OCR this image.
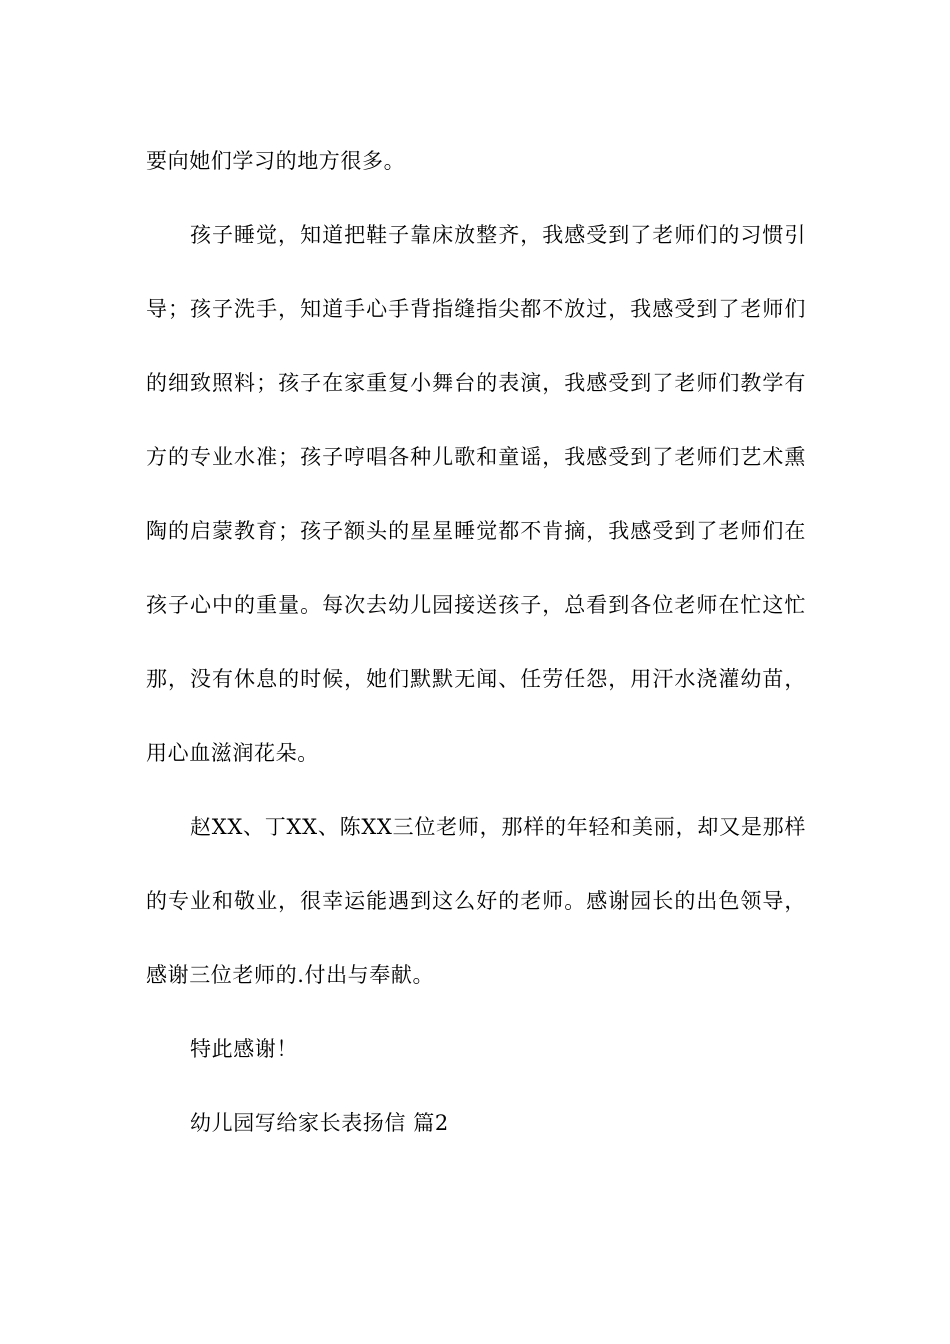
要向她们学习的地方很多。

孩子睡觉，知道把鞋子靠床放整齐，我感受到了老师们的习惯引导；孩子洗手，知道手心手背指缝指尖都不放过，我感受到了老师们的细致照料；孩子在家重复小舞台的表演，我感受到了老师们教学有方的专业水准；孩子哼唱各种儿歌和童谣，我感受到了老师们艺术熏陶的启蒙教育；孩子额头的星星睡觉都不肯摘，我感受到了老师们在孩子心中的重量。每次去幼儿园接送孩子，总看到各位老师在忙这忙那，没有休息的时候，她们默默无闻、任劳任怨，用汗水浇灌幼苗，用心血滋润花朵。

赵XX、丁XX、陈XX三位老师，那样的年轻和美丽，却又是那样的专业和敬业，很幸运能遇到这么好的老师。感谢园长的出色领导，感谢三位老师的.付出与奉献。

特此感谢！

幼儿园写给家长表扬信 篇2
